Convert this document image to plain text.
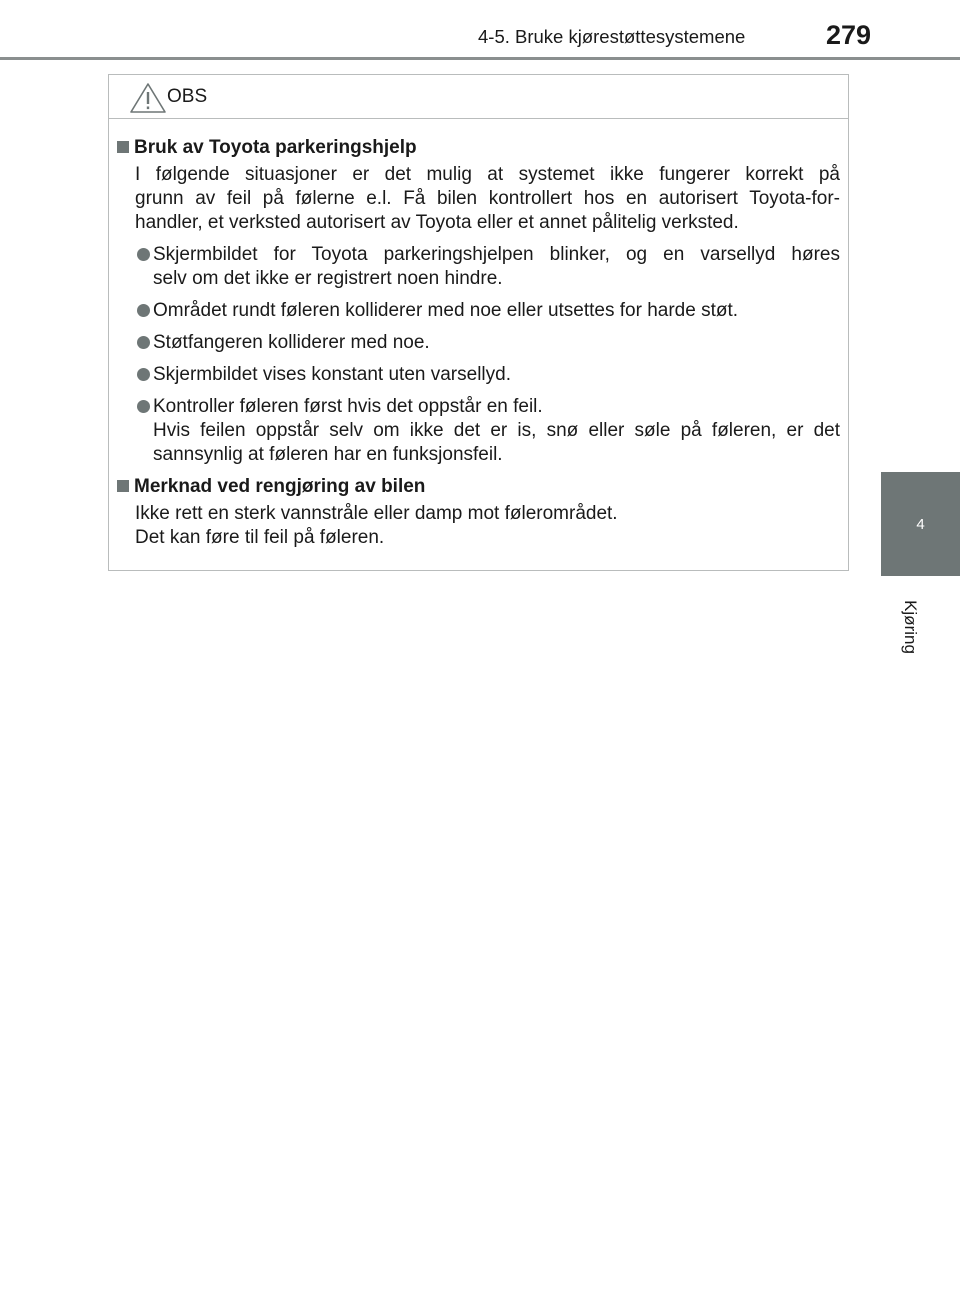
4-5. Bruke kjørestøttesystemene	279
4
Kjøring
OBS
Bruk av Toyota parkeringshjelp
I følgende situasjoner er det mulig at systemet ikke fungerer korrekt på
grunn av feil på følerne e.l. Få bilen kontrollert hos en autorisert Toyota-for-
handler, et verksted autorisert av Toyota eller et annet pålitelig verksted.
Skjermbildet for Toyota parkeringshjelpen blinker, og en varsellyd høres
selv om det ikke er registrert noen hindre.
Området rundt føleren kolliderer med noe eller utsettes for harde støt.
Støtfangeren kolliderer med noe.
Skjermbildet vises konstant uten varsellyd.
Kontroller føleren først hvis det oppstår en feil.
Hvis feilen oppstår selv om ikke det er is, snø eller søle på føleren, er det
sannsynlig at føleren har en funksjonsfeil.
Merknad ved rengjøring av bilen
Ikke rett en sterk vannstråle eller damp mot følerområdet.
Det kan føre til feil på føleren.
